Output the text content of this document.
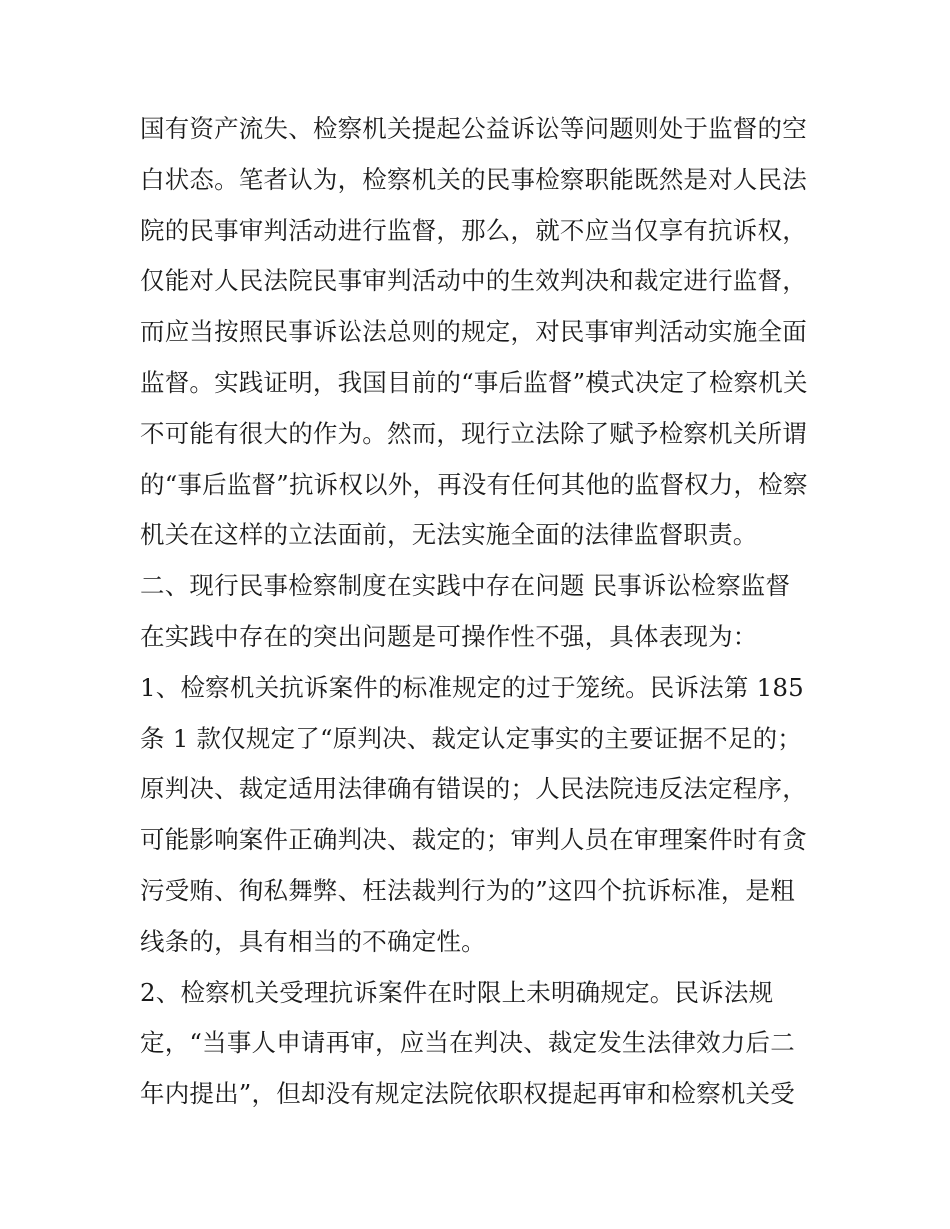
国有资产流失、检察机关提起公益诉讼等问题则处于监督的空
白状态。笔者认为，检察机关的民事检察职能既然是对人民法
院的民事审判活动进行监督，那么，就不应当仅享有抗诉权，
仅能对人民法院民事审判活动中的生效判决和裁定进行监督，
而应当按照民事诉讼法总则的规定，对民事审判活动实施全面
监督。实践证明，我国目前的“事后监督”模式决定了检察机关
不可能有很大的作为。然而，现行立法除了赋予检察机关所谓
的“事后监督”抗诉权以外，再没有任何其他的监督权力，检察
机关在这样的立法面前，无法实施全面的法律监督职责。
二、现行民事检察制度在实践中存在问题 民事诉讼检察监督
在实践中存在的突出问题是可操作性不强，具体表现为：
1、检察机关抗诉案件的标准规定的过于笼统。民诉法第 185
条 1 款仅规定了“原判决、裁定认定事实的主要证据不足的；
原判决、裁定适用法律确有错误的；人民法院违反法定程序，
可能影响案件正确判决、裁定的；审判人员在审理案件时有贪
污受贿、徇私舞弊、枉法裁判行为的”这四个抗诉标准，是粗
线条的，具有相当的不确定性。
2、检察机关受理抗诉案件在时限上未明确规定。民诉法规
定，“当事人申请再审，应当在判决、裁定发生法律效力后二
年内提出”，但却没有规定法院依职权提起再审和检察机关受
